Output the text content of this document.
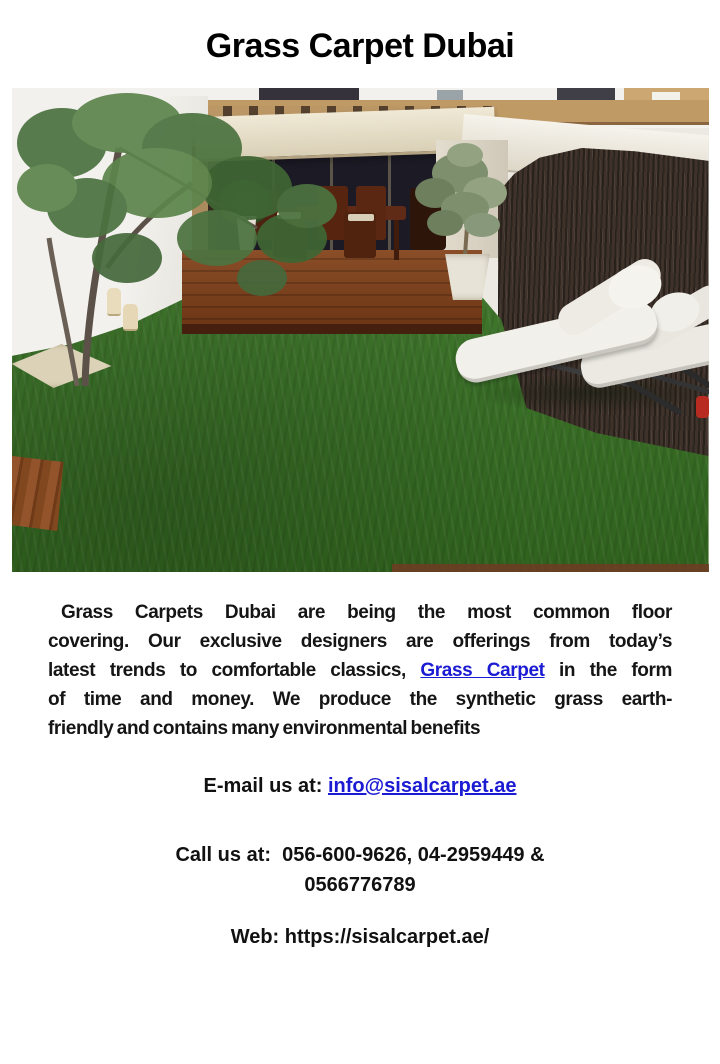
Grass Carpet Dubai
Grass Carpets Dubai are being the most common floor
covering. Our exclusive designers are offerings from today’s
latest trends to comfortable classics, Grass Carpet in the form
of time and money. We produce the synthetic grass earth-
friendly and contains many environmental benefits
E-mail us at: info@sisalcarpet.ae
Call us at:  056-600-9626, 04-2959449 &
0566776789
Web: https://sisalcarpet.ae/
